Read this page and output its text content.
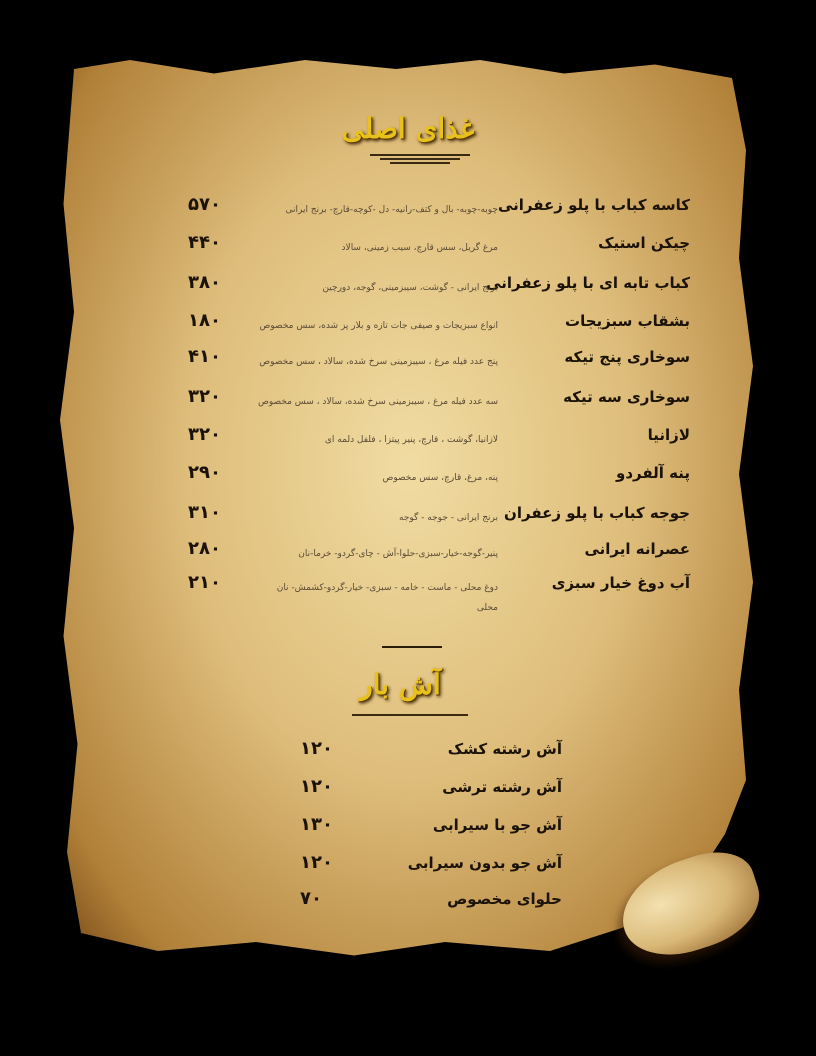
غذای اصلی
کاسه کباب با پلو زعفرانی
چوبه-چوبه- بال و کتف-رانیه- دل -کوچه-قارچ- برنج ایرانی
۵۷۰
چیکن استیک
مرغ گریل، سس قارچ، سیب زمینی، سالاد
۴۴۰
کباب تابه ای با پلو زعفرانی
برنج ایرانی - گوشت، سیبزمینی، گوجه، دورچین
۳۸۰
بشقاب سبزیجات
انواع سبزیجات و صیفی جات تازه و بلار پز شده، سس مخصوص
۱۸۰
سوخاری پنج تیکه
پنج عدد فیله مرغ ، سیبزمینی سرخ شده، سالاد ، سس مخصوص
۴۱۰
سوخاری سه تیکه
سه عدد فیله مرغ ، سیبزمینی سرخ شده، سالاد ، سس مخصوص
۳۲۰
لازانیا
لازانیا، گوشت ، قارچ، پنیر پیتزا ، فلفل دلمه ای
۳۲۰
پنه آلفردو
پنه، مرغ، قارچ، سس مخصوص
۲۹۰
جوجه کباب با پلو زعفران
برنج ایرانی - جوجه - گوجه
۳۱۰
عصرانه ایرانی
پنیر-گوجه-خیار-سبزی-حلوا-آش - چای-گردو- خرما-نان
۲۸۰
آب دوغ خیار سبزی
دوغ محلی - ماست - خامه - سبزی- خیار-گردو-کشمش- نان محلی
۲۱۰
آش بار
آش رشته کشک
۱۲۰
آش رشته ترشی
۱۲۰
آش جو با سیرابی
۱۳۰
آش جو بدون سیرابی
۱۲۰
حلوای مخصوص
۷۰
